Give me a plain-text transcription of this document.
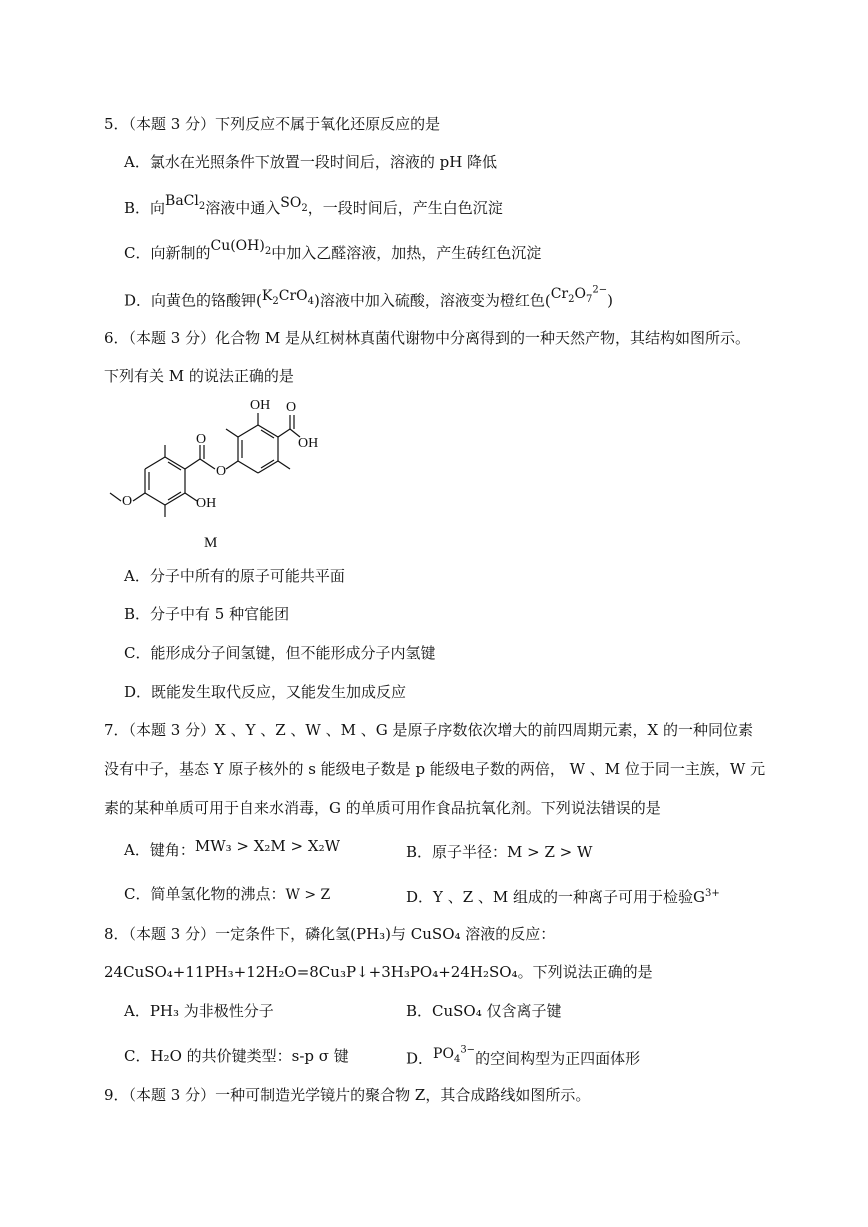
5．（本题 3 分）下列反应不属于氧化还原反应的是
A．氯水在光照条件下放置一段时间后，溶液的 pH 降低
B．向BaCl$_2$溶液中通入$SO_2$，一段时间后，产生白色沉淀
C．向新制的$Cu(OH)_2$中加入乙醛溶液，加热，产生砖红色沉淀
D．向黄色的铬酸钾$(K_2CrO_4)$溶液中加入硫酸，溶液变为橙红色$(Cr_2O_7^{2-})$
6．（本题 3 分）化合物 M 是从红树林真菌代谢物中分离得到的一种天然产物，其结构如图所示。
下列有关 M 的说法正确的是
OH O
OH
O
O
O	OH
M
A．分子中所有的原子可能共平面
B．分子中有 5 种官能团
C．能形成分子间氢键，但不能形成分子内氢键
D．既能发生取代反应，又能发生加成反应
7．（本题 3 分）X 、Y 、Z 、W 、M 、G 是原子序数依次增大的前四周期元素，X 的一种同位素
没有中子，基态 Y 原子核外的 s 能级电子数是 p 能级电子数的两倍， W 、M 位于同一主族，W 元
素的某种单质可用于自来水消毒，G 的单质可用作食品抗氧化剂。下列说法错误的是
A．键角：MW₃ > X₂M > X₂W	B．原子半径：M > Z > W
C．简单氢化物的沸点：W > Z	D．Y 、Z 、M 组成的一种离子可用于检验$G^{3+}$
8．（本题 3 分）一定条件下，磷化氢(PH₃)与 CuSO₄ 溶液的反应：
24CuSO₄+11PH₃+12H₂O=8Cu₃P↓+3H₃PO₄+24H₂SO₄。下列说法正确的是
A．PH₃ 为非极性分子	B．CuSO₄ 仅含离子键
C．H₂O 的共价键类型：s-p σ 键	D．$PO_4^{3-}$的空间构型为正四面体形
9．（本题 3 分）一种可制造光学镜片的聚合物 Z，其合成路线如图所示。
